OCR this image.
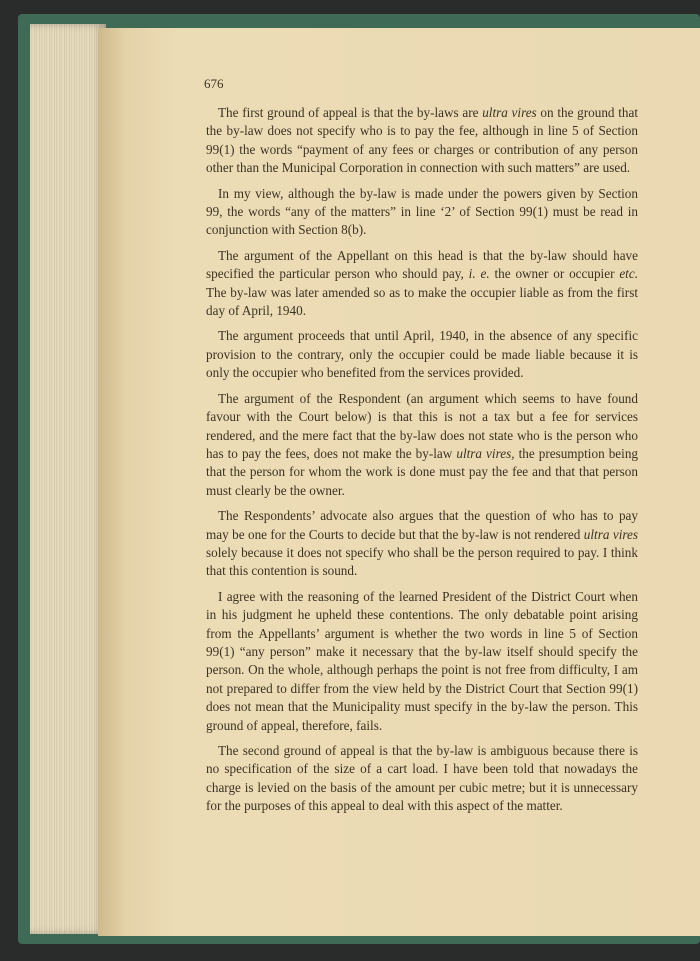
676

The first ground of appeal is that the by-laws are ultra vires on the ground that the by-law does not specify who is to pay the fee, although in line 5 of Section 99(1) the words “payment of any fees or charges or contribution of any person other than the Municipal Corporation in connection with such matters” are used.

In my view, although the by-law is made under the powers given by Section 99, the words “any of the matters” in line ‘2’ of Section 99(1) must be read in conjunction with Section 8(b).

The argument of the Appellant on this head is that the by-law should have specified the particular person who should pay, i. e. the owner or occupier etc. The by-law was later amended so as to make the occupier liable as from the first day of April, 1940.

The argument proceeds that until April, 1940, in the absence of any specific provision to the contrary, only the occupier could be made liable because it is only the occupier who benefited from the services provided.

The argument of the Respondent (an argument which seems to have found favour with the Court below) is that this is not a tax but a fee for services rendered, and the mere fact that the by-law does not state who is the person who has to pay the fees, does not make the by-law ultra vires, the presumption being that the person for whom the work is done must pay the fee and that that person must clearly be the owner.

The Respondents’ advocate also argues that the question of who has to pay may be one for the Courts to decide but that the by-law is not rendered ultra vires solely because it does not specify who shall be the person required to pay. I think that this contention is sound.

I agree with the reasoning of the learned President of the District Court when in his judgment he upheld these contentions. The only debatable point arising from the Appellants’ argument is whether the two words in line 5 of Section 99(1) “any person” make it necessary that the by-law itself should specify the person. On the whole, although perhaps the point is not free from difficulty, I am not prepared to differ from the view held by the District Court that Section 99(1) does not mean that the Municipality must specify in the by-law the person. This ground of appeal, therefore, fails.

The second ground of appeal is that the by-law is ambiguous because there is no specification of the size of a cart load. I have been told that nowadays the charge is levied on the basis of the amount per cubic metre; but it is unnecessary for the purposes of this appeal to deal with this aspect of the matter.
